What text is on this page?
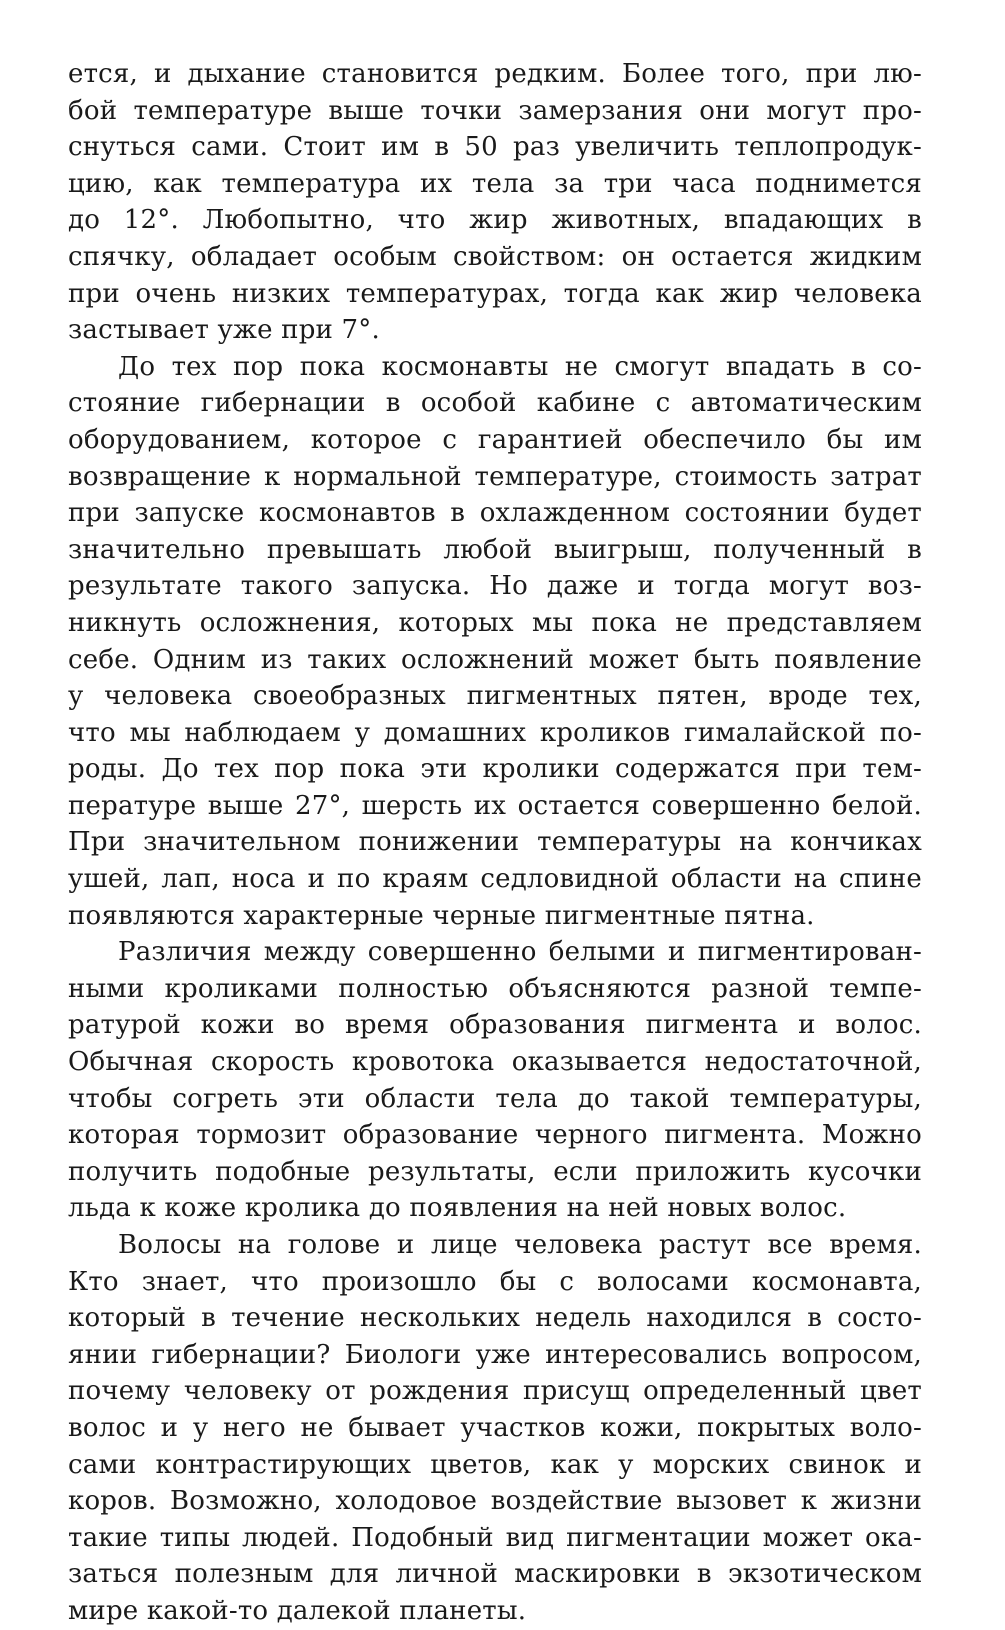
ется, и дыхание становится редким. Более того, при лю-
бой температуре выше точки замерзания они могут про-
снуться сами. Стоит им в 50 раз увеличить теплопродук-
цию, как температура их тела за три часа поднимется
до 12°. Любопытно, что жир животных, впадающих в
спячку, обладает особым свойством: он остается жидким
при очень низких температурах, тогда как жир человека
застывает уже при 7°.
До тех пор пока космонавты не смогут впадать в со-
стояние гибернации в особой кабине с автоматическим
оборудованием, которое с гарантией обеспечило бы им
возвращение к нормальной температуре, стоимость затрат
при запуске космонавтов в охлажденном состоянии будет
значительно превышать любой выигрыш, полученный в
результате такого запуска. Но даже и тогда могут воз-
никнуть осложнения, которых мы пока не представляем
себе. Одним из таких осложнений может быть появление
у человека своеобразных пигментных пятен, вроде тех,
что мы наблюдаем у домашних кроликов гималайской по-
роды. До тех пор пока эти кролики содержатся при тем-
пературе выше 27°, шерсть их остается совершенно белой.
При значительном понижении температуры на кончиках
ушей, лап, носа и по краям седловидной области на спине
появляются характерные черные пигментные пятна.
Различия между совершенно белыми и пигментирован-
ными кроликами полностью объясняются разной темпе-
ратурой кожи во время образования пигмента и волос.
Обычная скорость кровотока оказывается недостаточной,
чтобы согреть эти области тела до такой температуры,
которая тормозит образование черного пигмента. Можно
получить подобные результаты, если приложить кусочки
льда к коже кролика до появления на ней новых волос.
Волосы на голове и лице человека растут все время.
Кто знает, что произошло бы с волосами космонавта,
который в течение нескольких недель находился в состо-
янии гибернации? Биологи уже интересовались вопросом,
почему человеку от рождения присущ определенный цвет
волос и у него не бывает участков кожи, покрытых воло-
сами контрастирующих цветов, как у морских свинок и
коров. Возможно, холодовое воздействие вызовет к жизни
такие типы людей. Подобный вид пигментации может ока-
заться полезным для личной маскировки в экзотическом
мире какой-то далекой планеты.
